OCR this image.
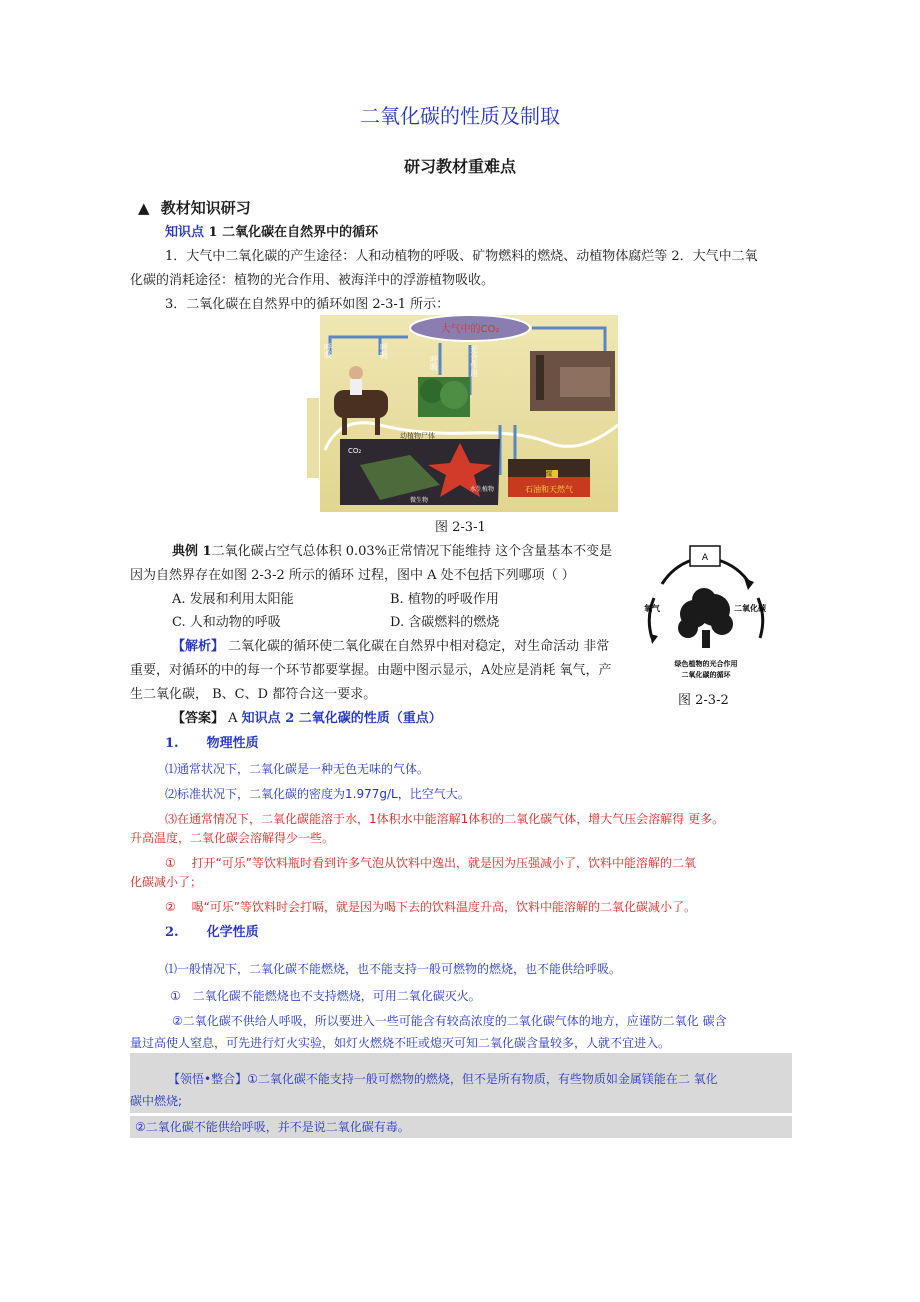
二氧化碳的性质及制取
研习教材重难点
▲ 教材知识研习
知识点 1 二氧化碳在自然界中的循环
1．大气中二氧化碳的产生途径：人和动植物的呼吸、矿物燃料的燃烧、动植物体腐烂等 2．大气中二氧
化碳的消耗途径：植物的光合作用、被海洋中的浮游植物吸收。
3．二氧化碳在自然界中的循环如图 2-3-1 所示：
大气中的CO₂
呼吸	呼吸
呼吸	光合作用
动植物尸体
CO₂
水生植物
微生物
煤
石油和天然气
图 2-3-1
典例 1二氧化碳占空气总体积 0.03%正常情况下能维持 这个含量基本不变是
因为自然界存在如图 2-3-2 所示的循环 过程，图中 A 处不包括下列哪项（ ）
A. 发展和利用太阳能	B. 植物的呼吸作用
C. 人和动物的呼吸	D. 含碳燃料的燃烧
【解析】 二氧化碳的循环使二氧化碳在自然界中相对稳定，对生命活动 非常
重要，对循环的中的每一个环节都要掌握。由题中图示显示，A处应是消耗 氧气，产
生二氧化碳， B、C、D 都符合这一要求。
【答案】 A 知识点 2 二氧化碳的性质（重点）
A
氧气	二氧化碳
绿色植物的光合作用
二氧化碳的循环
图 2-3-2
1. 物理性质
⑴通常状况下，二氧化碳是一种无色无味的气体。
⑵标准状况下，二氧化碳的密度为1.977g/L，比空气大。
⑶在通常情况下，二氧化碳能溶于水，1体积水中能溶解1体积的二氧化碳气体，增大气压会溶解得 更多。
升高温度，二氧化碳会溶解得少一些。
①　 打开“可乐”等饮料瓶时看到许多气泡从饮料中逸出，就是因为压强减小了，饮料中能溶解的二氧
化碳减小了；
②　 喝“可乐”等饮料时会打嗝，就是因为喝下去的饮料温度升高，饮料中能溶解的二氧化碳减小了。
2. 化学性质
⑴一般情况下，二氧化碳不能燃烧，也不能支持一般可燃物的燃烧，也不能供给呼吸。
①　二氧化碳不能燃烧也不支持燃烧，可用二氧化碳灭火。
②二氧化碳不供给人呼吸，所以要进入一些可能含有较高浓度的二氧化碳气体的地方，应谨防二氧化 碳含
量过高使人窒息，可先进行灯火实验，如灯火燃烧不旺或熄灭可知二氧化碳含量较多，人就不宜进入。
【领悟•整合】①二氧化碳不能支持一般可燃物的燃烧，但不是所有物质，有些物质如金属镁能在二 氧化
碳中燃烧;
②二氧化碳不能供给呼吸，并不是说二氧化碳有毒。
